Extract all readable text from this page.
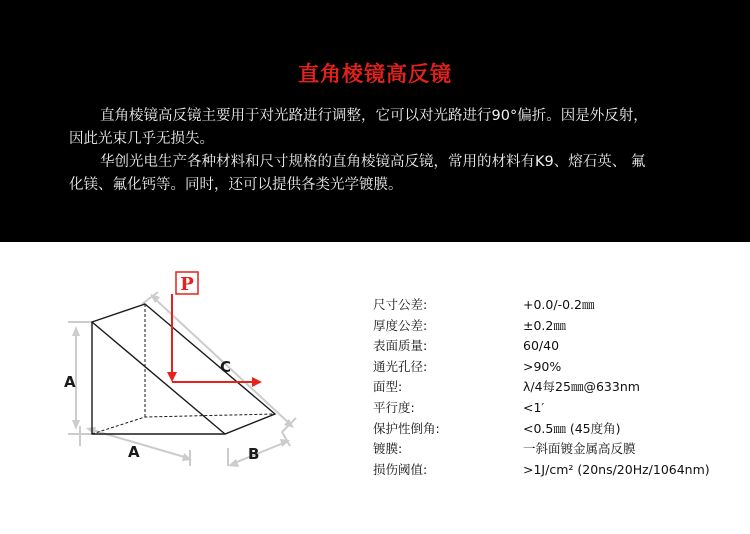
直角棱镜高反镜
直角棱镜高反镜主要用于对光路进行调整，它可以对光路进行90°偏折。因是外反射，
因此光束几乎无损失。
华创光电生产各种材料和尺寸规格的直角棱镜高反镜，常用的材料有K9、熔石英、 氟
化镁、氟化钙等。同时，还可以提供各类光学镀膜。
P
A
A
C
B
尺寸公差:	+0.0/-0.2㎜
厚度公差:	±0.2㎜
表面质量:	60/40
通光孔径:	>90%
面型:	λ/4每25㎜@633nm
平行度:	<1′
保护性倒角:	<0.5㎜ (45度角)
镀膜:	一斜面镀金属高反膜
损伤阈值:	>1J/cm² (20ns/20Hz/1064nm)
